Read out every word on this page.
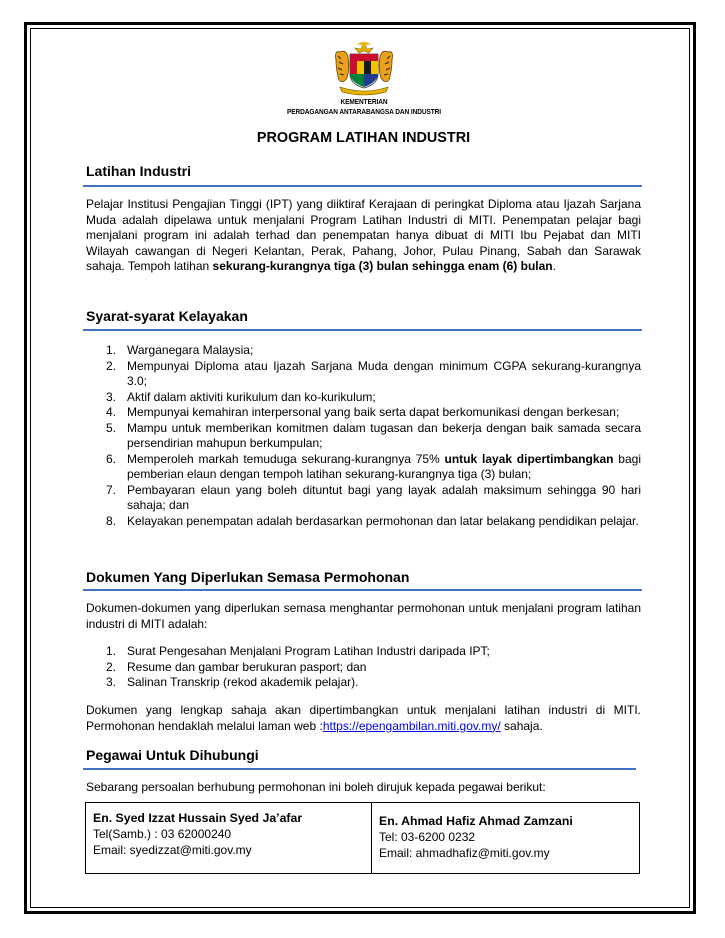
KEMENTERIAN
PERDAGANGAN ANTARABANGSA DAN INDUSTRI
PROGRAM LATIHAN INDUSTRI
Latihan Industri

Pelajar Institusi Pengajian Tinggi (IPT) yang diiktiraf Kerajaan di peringkat Diploma atau Ijazah Sarjana Muda adalah dipelawa untuk menjalani Program Latihan Industri di MITI. Penempatan pelajar bagi menjalani program ini adalah terhad dan penempatan hanya dibuat di MITI Ibu Pejabat dan MITI Wilayah cawangan di Negeri Kelantan, Perak, Pahang, Johor, Pulau Pinang, Sabah dan Sarawak sahaja. Tempoh latihan sekurang-kurangnya tiga (3) bulan sehingga enam (6) bulan.

Syarat-syarat Kelayakan
1. Warganegara Malaysia;
2. Mempunyai Diploma atau Ijazah Sarjana Muda dengan minimum CGPA sekurang-kurangnya 3.0;
3. Aktif dalam aktiviti kurikulum dan ko-kurikulum;
4. Mempunyai kemahiran interpersonal yang baik serta dapat berkomunikasi dengan berkesan;
5. Mampu untuk memberikan komitmen dalam tugasan dan bekerja dengan baik samada secara persendirian mahupun berkumpulan;
6. Memperoleh markah temuduga sekurang-kurangnya 75% untuk layak dipertimbangkan bagi pemberian elaun dengan tempoh latihan sekurang-kurangnya tiga (3) bulan;
7. Pembayaran elaun yang boleh dituntut bagi yang layak adalah maksimum sehingga 90 hari sahaja; dan
8. Kelayakan penempatan adalah berdasarkan permohonan dan latar belakang pendidikan pelajar.
Dokumen Yang Diperlukan Semasa Permohonan

Dokumen-dokumen yang diperlukan semasa menghantar permohonan untuk menjalani program latihan industri di MITI adalah:

1. Surat Pengesahan Menjalani Program Latihan Industri daripada IPT;
2. Resume dan gambar berukuran pasport; dan
3. Salinan Transkrip (rekod akademik pelajar).

Dokumen yang lengkap sahaja akan dipertimbangkan untuk menjalani latihan industri di MITI. Permohonan hendaklah melalui laman web :https://epengambilan.miti.gov.my/ sahaja.

Pegawai Untuk Dihubungi

Sebarang persoalan berhubung permohonan ini boleh dirujuk kepada pegawai berikut:

En. Syed Izzat Hussain Syed Ja’afar
Tel(Samb.) : 03 62000240
Email: syedizzat@miti.gov.my
En. Ahmad Hafiz Ahmad Zamzani
Tel: 03-6200 0232
Email: ahmadhafiz@miti.gov.my
